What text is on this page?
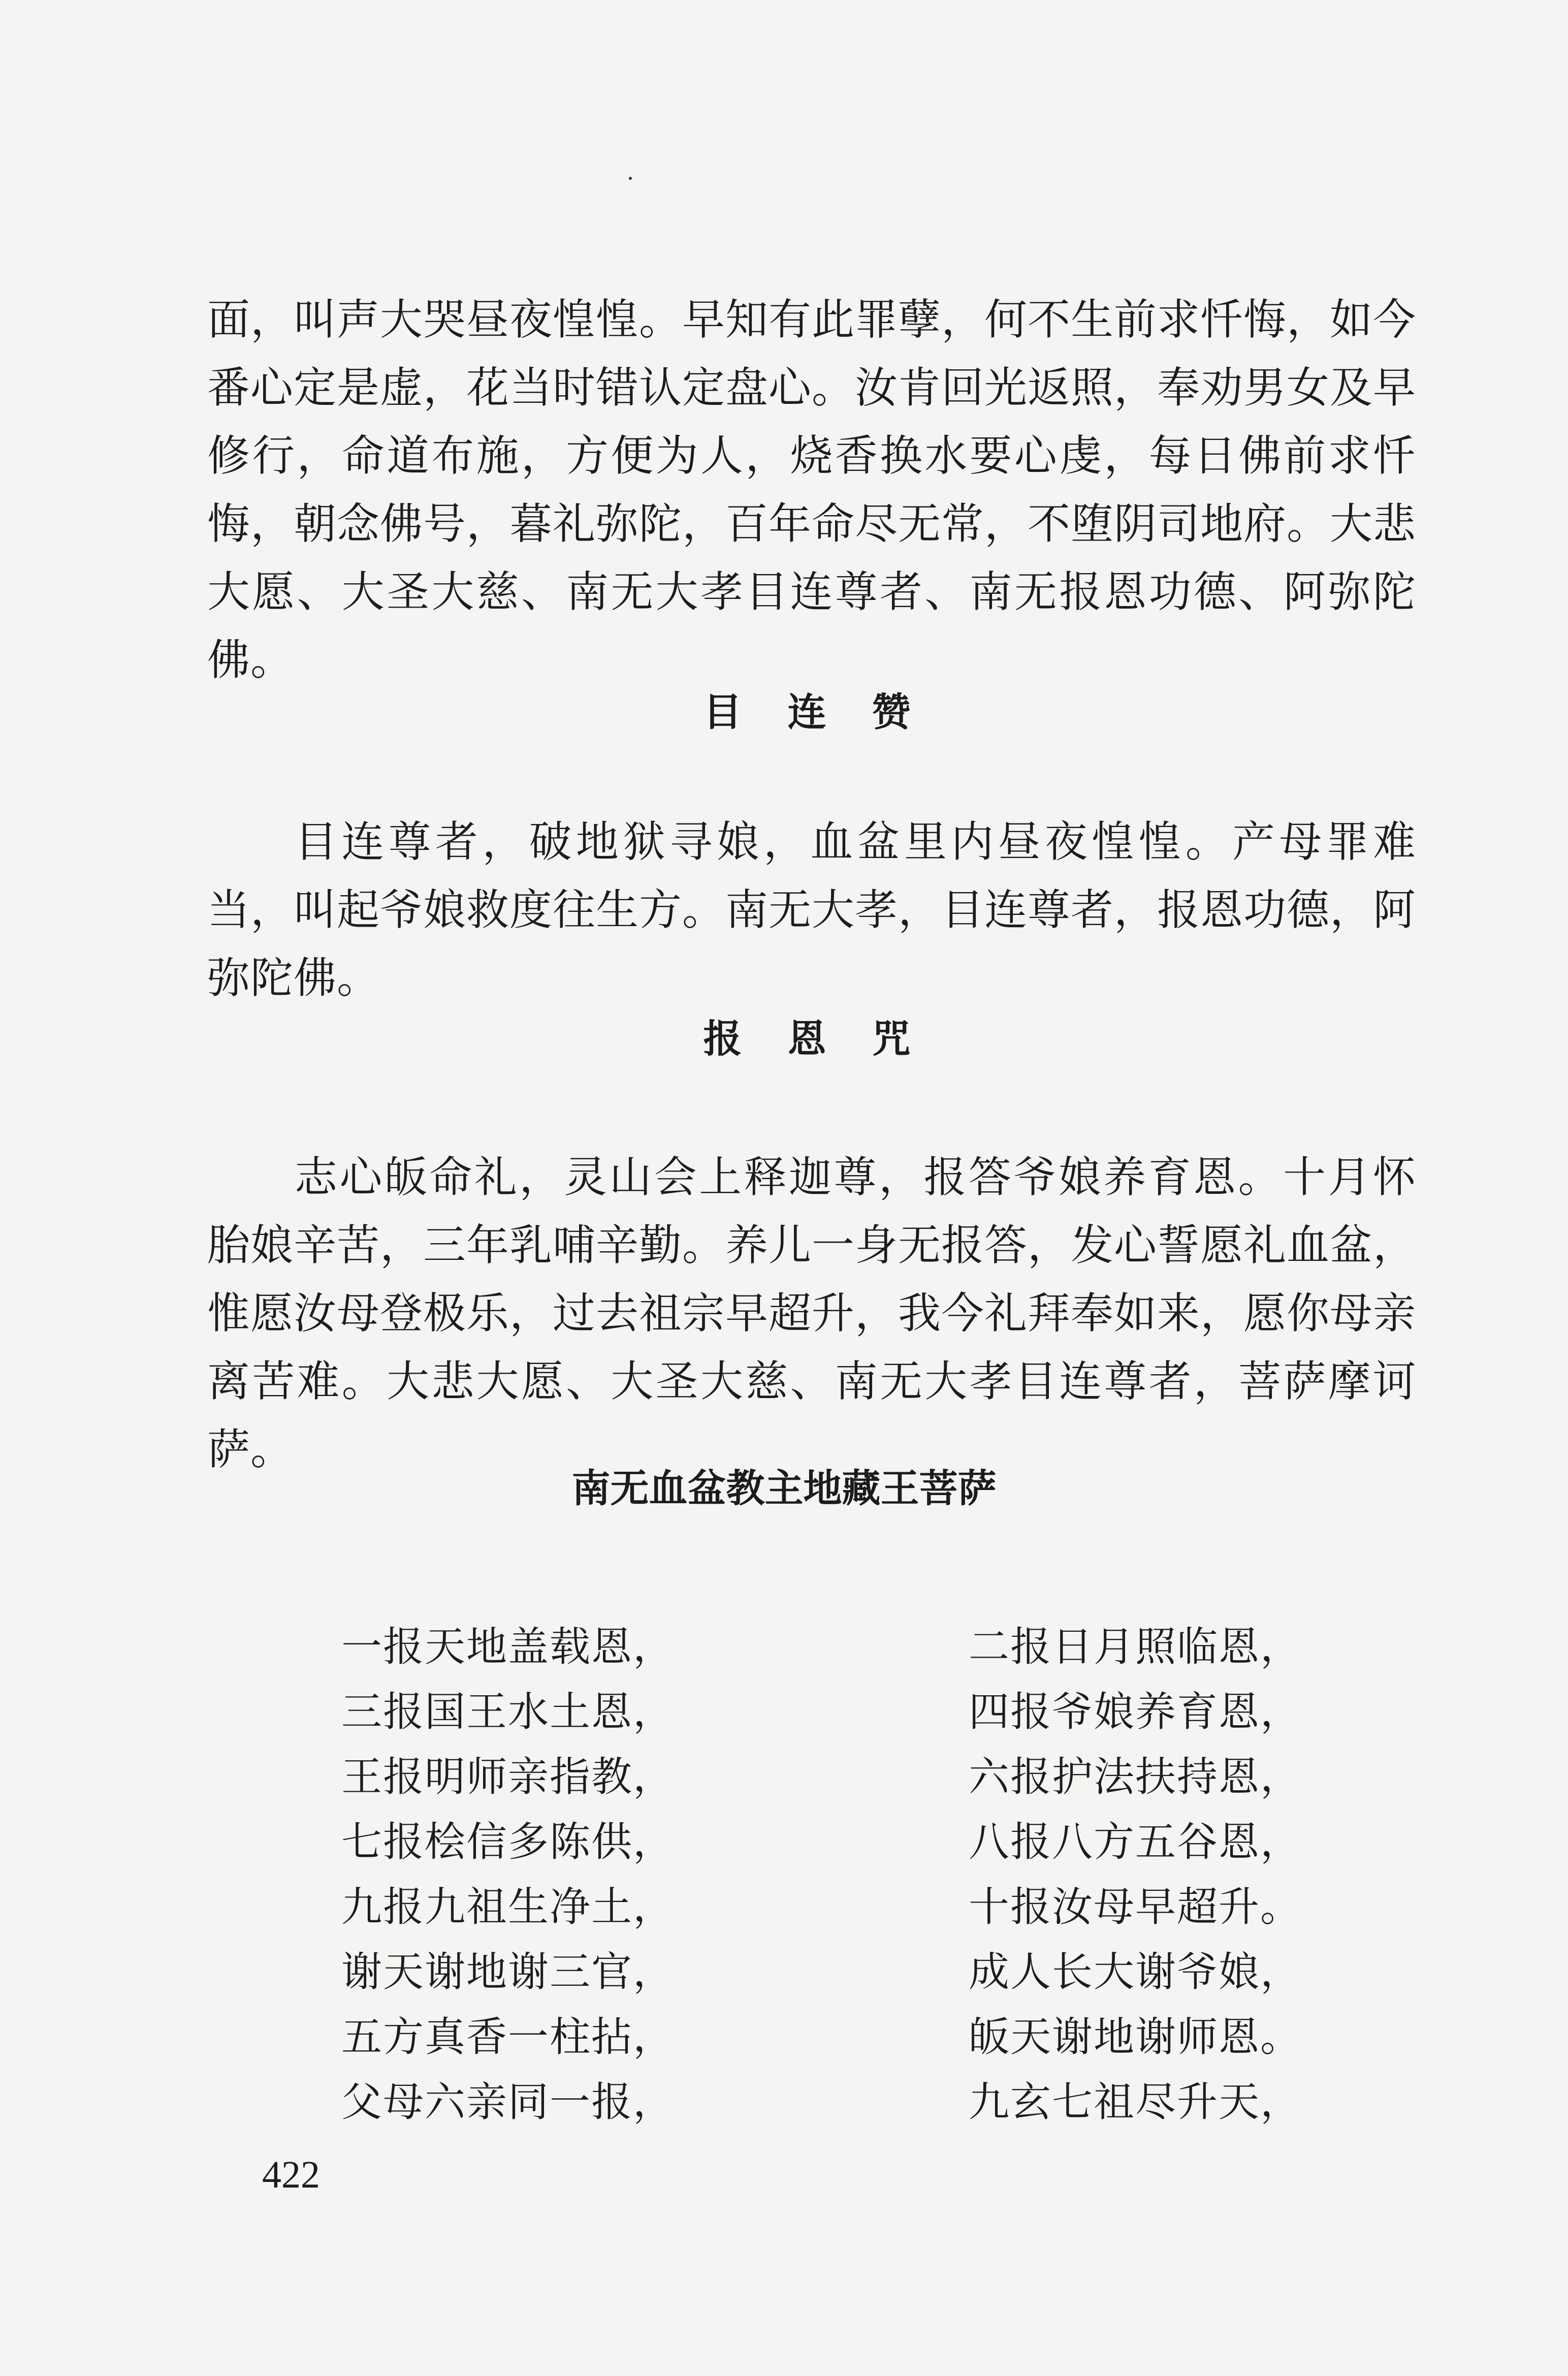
面，叫声大哭昼夜惶惶。早知有此罪孽，何不生前求忏悔，如今番心定是虚，花当时错认定盘心。汝肯回光返照，奉劝男女及早修行，命道布施，方便为人，烧香换水要心虔，每日佛前求忏悔，朝念佛号，暮礼弥陀，百年命尽无常，不堕阴司地府。大悲大愿、大圣大慈、南无大孝目连尊者、南无报恩功德、阿弥陀佛。

目连赞

目连尊者，破地狱寻娘，血盆里内昼夜惶惶。产母罪难当，叫起爷娘救度往生方。南无大孝，目连尊者，报恩功德，阿弥陀佛。

报恩咒

志心皈命礼，灵山会上释迦尊，报答爷娘养育恩。十月怀胎娘辛苦，三年乳哺辛勤。养儿一身无报答，发心誓愿礼血盆，惟愿汝母登极乐，过去祖宗早超升，我今礼拜奉如来，愿你母亲离苦难。大悲大愿、大圣大慈、南无大孝目连尊者，菩萨摩诃萨。

南无血盆教主地藏王菩萨
一报天地盖载恩，	二报日月照临恩，
三报国王水土恩，	四报爷娘养育恩，
王报明师亲指教，	六报护法扶持恩，
七报桧信多陈供，	八报八方五谷恩，
九报九祖生净土，	十报汝母早超升。
谢天谢地谢三官，	成人长大谢爷娘，
五方真香一柱拈，	皈天谢地谢师恩。
父母六亲同一报，	九玄七祖尽升天，

422
